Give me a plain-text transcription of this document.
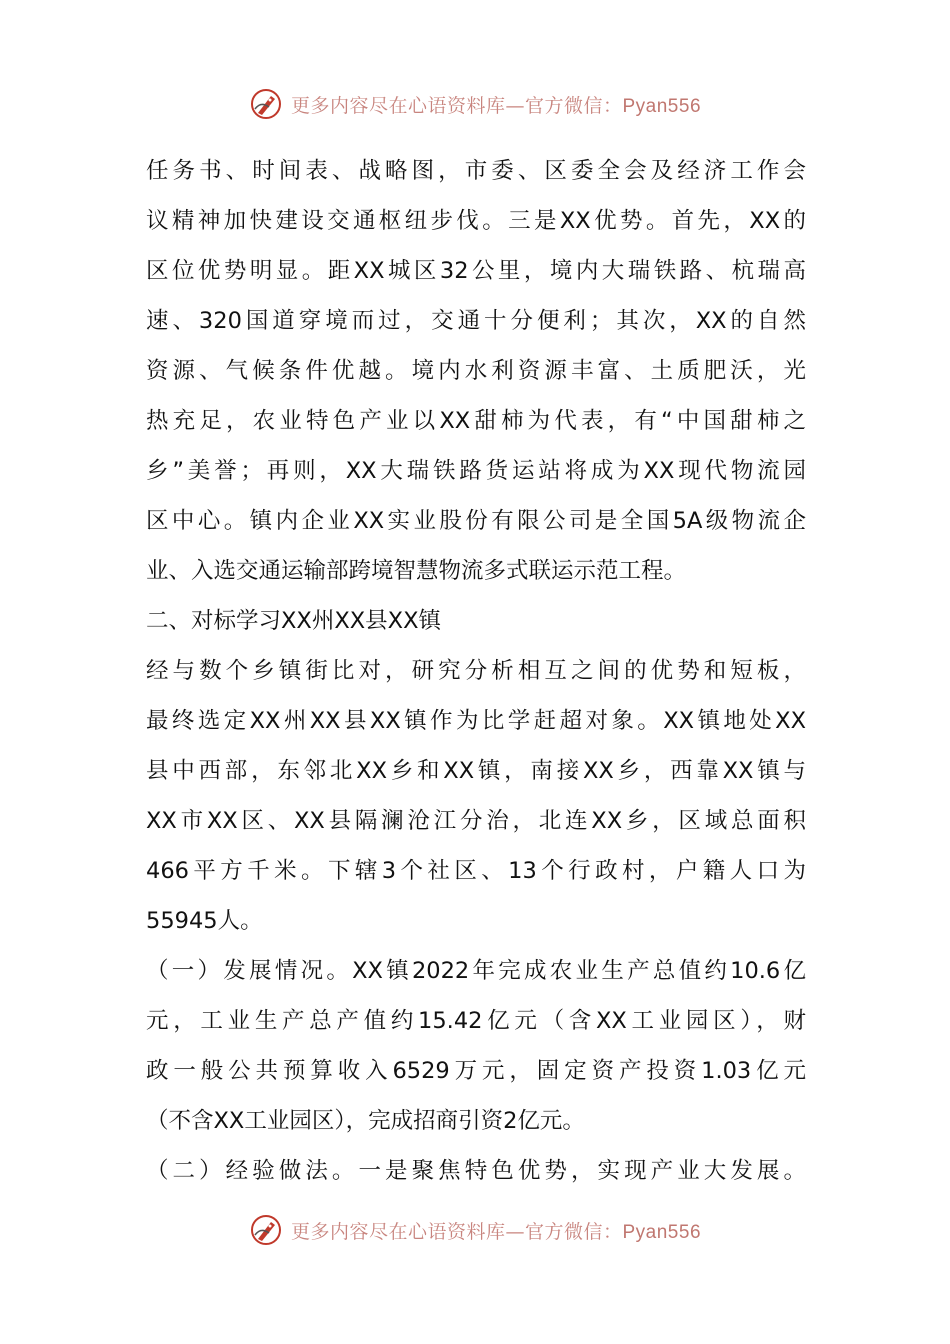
更多内容尽在心语资料库—官方微信：Pyan556
任务书、时间表、战略图，市委、区委全会及经济工作会
议精神加快建设交通枢纽步伐。三是XX优势。首先，XX的
区位优势明显。距XX城区32公里，境内大瑞铁路、杭瑞高
速、320国道穿境而过，交通十分便利；其次，XX的自然
资源、气候条件优越。境内水利资源丰富、土质肥沃，光
热充足，农业特色产业以XX甜柿为代表，有“中国甜柿之
乡”美誉；再则，XX大瑞铁路货运站将成为XX现代物流园
区中心。镇内企业XX实业股份有限公司是全国5A级物流企
业、入选交通运输部跨境智慧物流多式联运示范工程。
二、对标学习XX州XX县XX镇
经与数个乡镇街比对，研究分析相互之间的优势和短板，
最终选定XX州XX县XX镇作为比学赶超对象。XX镇地处XX
县中西部，东邻北XX乡和XX镇，南接XX乡，西靠XX镇与
XX市XX区、XX县隔澜沧江分治，北连XX乡，区域总面积
466平方千米。下辖3个社区、13个行政村，户籍人口为
55945人。
（一）发展情况。XX镇2022年完成农业生产总值约10.6亿
元，工业生产总产值约15.42亿元（含XX工业园区），财
政一般公共预算收入6529万元，固定资产投资1.03亿元
（不含XX工业园区），完成招商引资2亿元。
（二）经验做法。一是聚焦特色优势，实现产业大发展。
更多内容尽在心语资料库—官方微信：Pyan556
